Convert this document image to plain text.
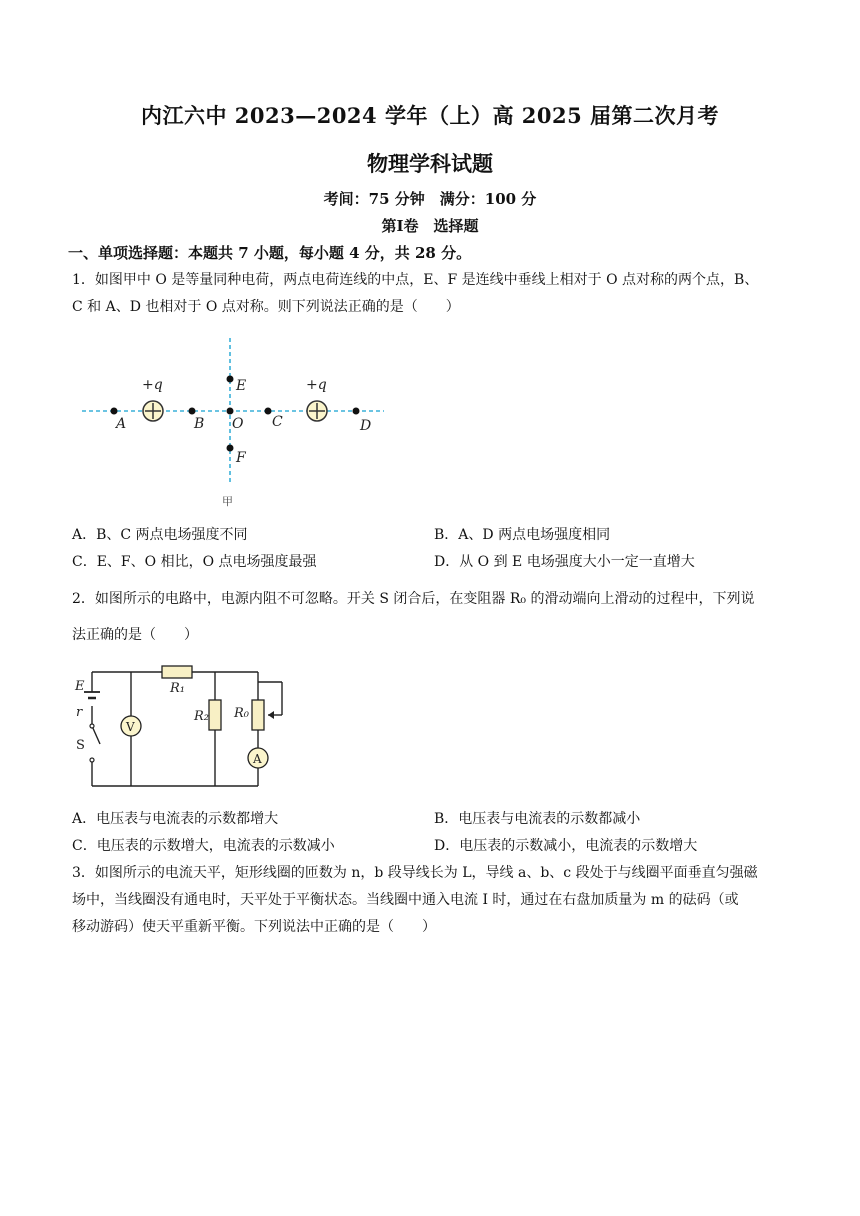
内江六中 2023—2024 学年（上）高 2025 届第二次月考
物理学科试题
考间：75 分钟　满分：100 分
第Ⅰ卷　选择题
一、单项选择题：本题共 7 小题，每小题 4 分，共 28 分。
1．如图甲中 O 是等量同种电荷，两点电荷连线的中点，E、F 是连线中垂线上相对于 O 点对称的两个点，B、
C 和 A、D 也相对于 O 点对称。则下列说法正确的是（　　）
+q	+q
A	B O C	D
E
F
甲
A．B、C 两点电场强度不同	B．A、D 两点电场强度相同
C．E、F、O 相比，O 点电场强度最强	D．从 O 到 E 电场强度大小一定一直增大
2．如图所示的电路中，电源内阻不可忽略。开关 S 闭合后，在变阻器 R₀ 的滑动端向上滑动的过程中，下列说
法正确的是（　　）
E
r
S
V
R₁
R₂ R₀
A
A．电压表与电流表的示数都增大	B．电压表与电流表的示数都减小
C．电压表的示数增大，电流表的示数减小	D．电压表的示数减小，电流表的示数增大
3．如图所示的电流天平，矩形线圈的匝数为 n，b 段导线长为 L，导线 a、b、c 段处于与线圈平面垂直匀强磁
场中，当线圈没有通电时，天平处于平衡状态。当线圈中通入电流 I 时，通过在右盘加质量为 m 的砝码（或
移动游码）使天平重新平衡。下列说法中正确的是（　　）
